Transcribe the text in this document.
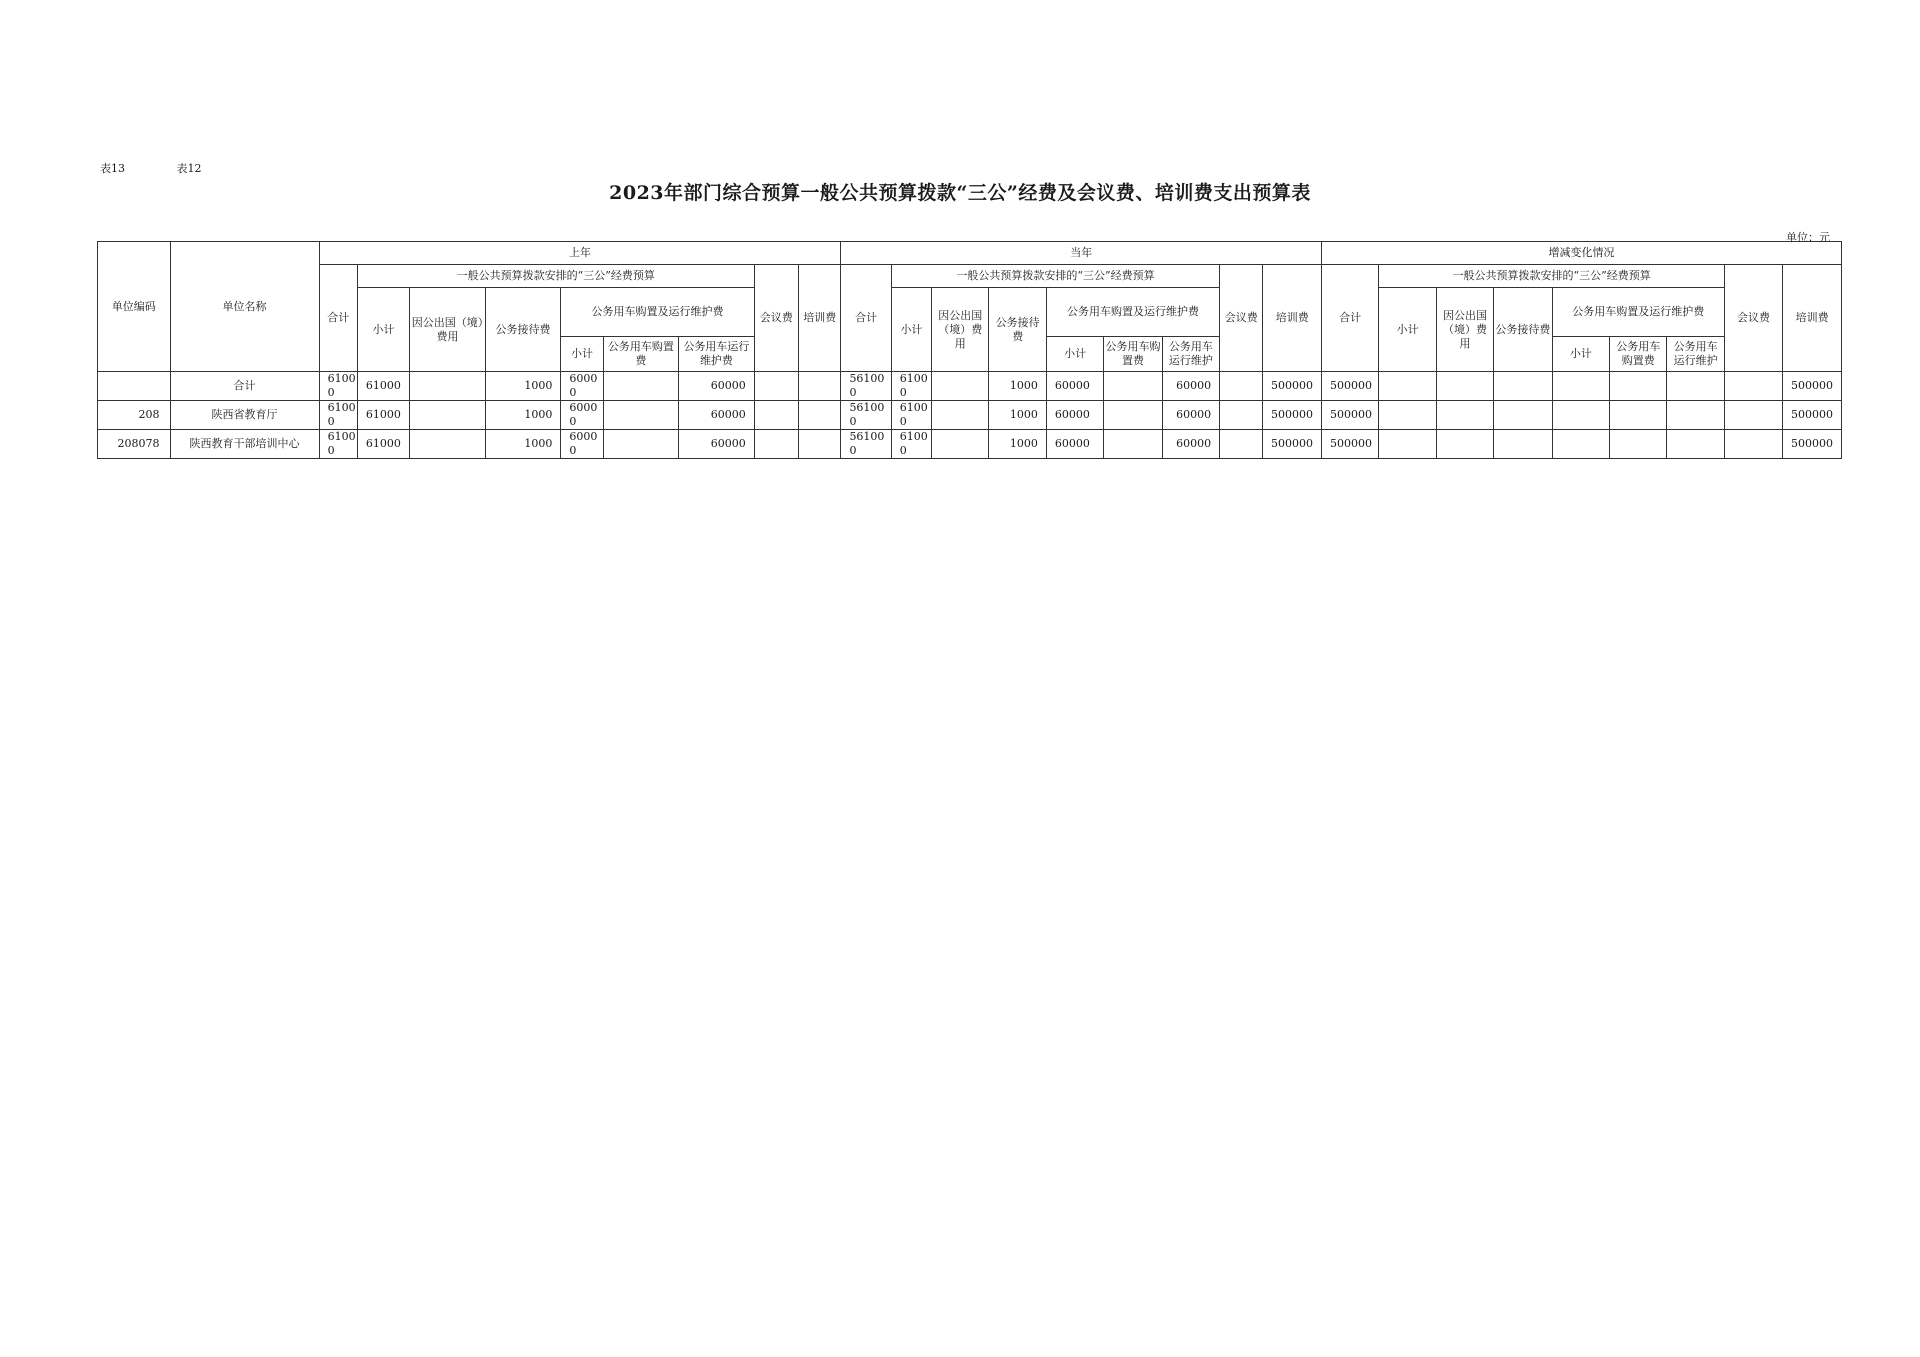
表13	表12
2023年部门综合预算一般公共预算拨款“三公”经费及会议费、培训费支出预算表
单位：元
单位编码	单位名称	上年									当年									增减变化情况								
		合计	一般公共预算拨款安排的“三公”经费预算						会议费	培训费	合计	一般公共预算拨款安排的“三公”经费预算						会议费	培训费	合计	一般公共预算拨款安排的“三公”经费预算						会议费	培训费
			小计	因公出国（境）费用	公务接待费	公务用车购置及运行维护费						小计	因公出国（境）费用	公务接待费	公务用车购置及运行维护费						小计	因公出国（境）费用	公务接待费	公务用车购置及运行维护费				
						小计	公务用车购置费	公务用车运行维护费							小计	公务用车购置费	公务用车运行维护							小计	公务用车购置费	公务用车运行维护		
	合计	61000	61000		1000	60000		60000			561000	61000		1000	60000		60000		500000	500000								500000
208	陕西省教育厅	61000	61000		1000	60000		60000			561000	61000		1000	60000		60000		500000	500000								500000
208078	陕西教育干部培训中心	61000	61000		1000	60000		60000			561000	61000		1000	60000		60000		500000	500000								500000
